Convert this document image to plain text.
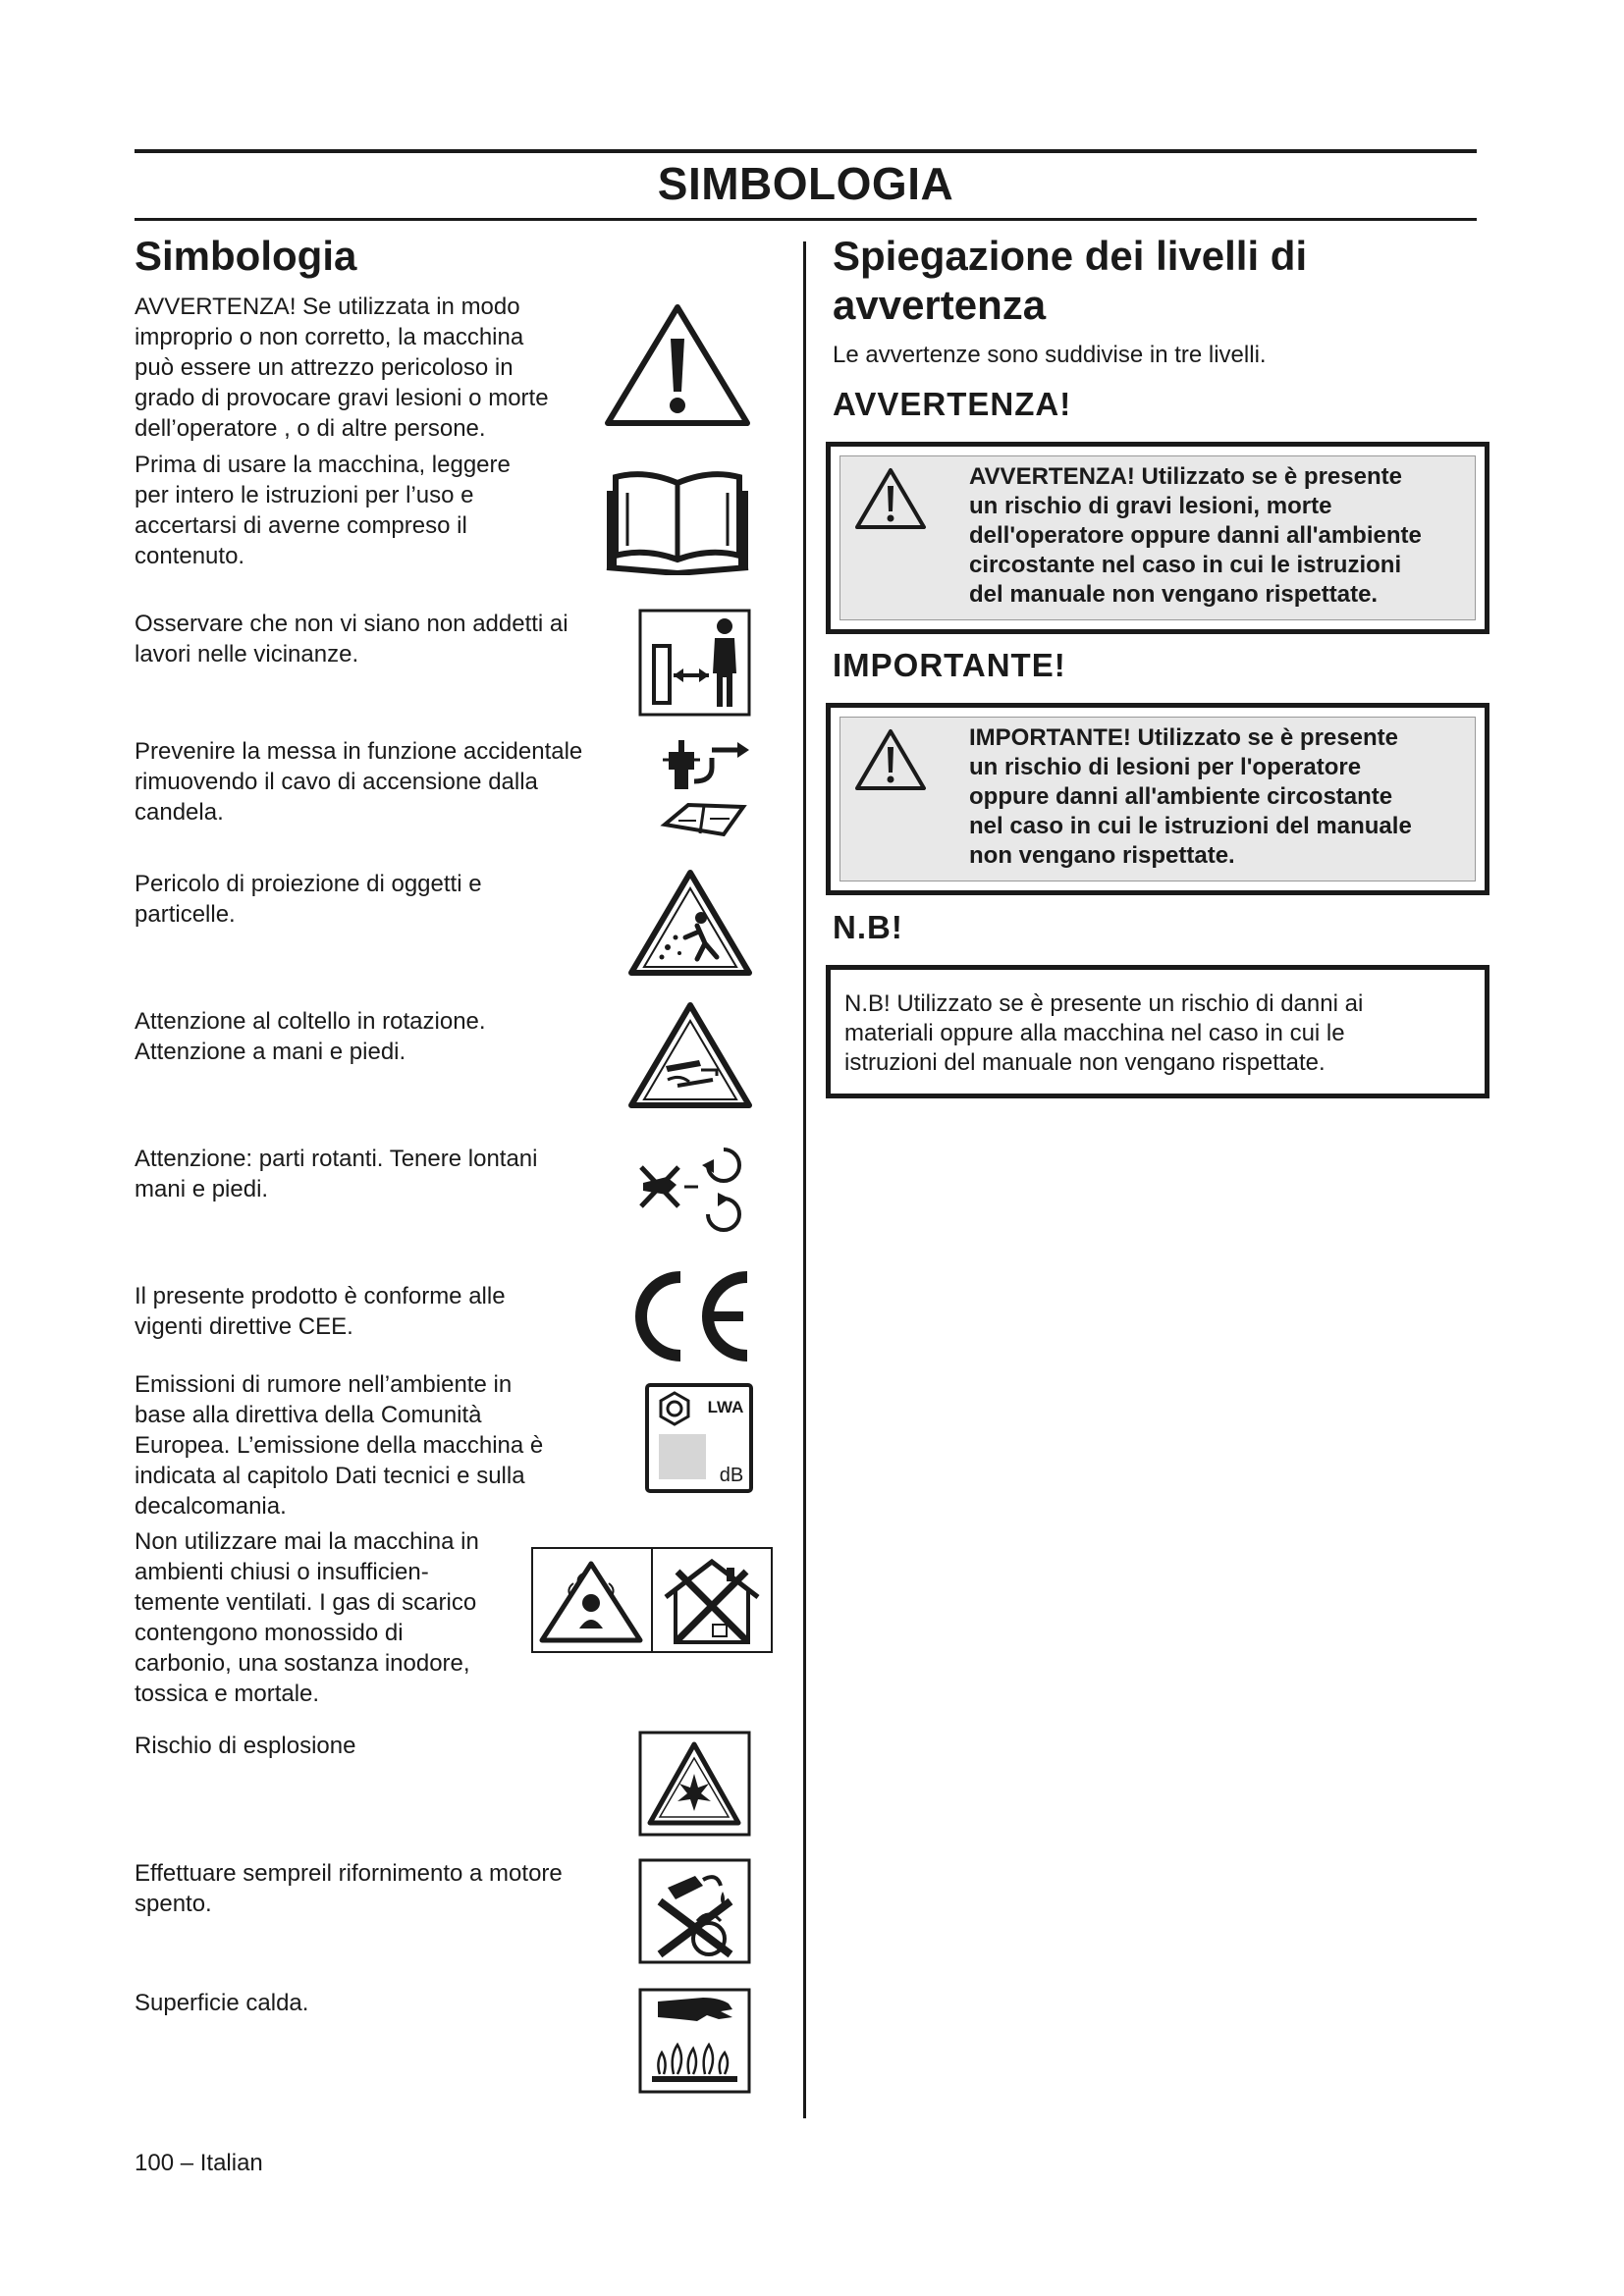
SIMBOLOGIA
Simbologia
AVVERTENZA! Se utilizzata in modo
improprio o non corretto, la macchina
può essere un attrezzo pericoloso in
grado di provocare gravi lesioni o morte
dell’operatore , o di altre persone.
Prima di usare la macchina, leggere
per intero le istruzioni per l’uso e
accertarsi di averne compreso il
contenuto.
Osservare che non vi siano non addetti ai
lavori nelle vicinanze.
Prevenire la messa in funzione accidentale
rimuovendo il cavo di accensione dalla
candela.
Pericolo di proiezione di oggetti e
particelle.
Attenzione al coltello in rotazione.
Attenzione a mani e piedi.
Attenzione: parti rotanti. Tenere lontani
mani e piedi.
Il presente prodotto è conforme alle
vigenti direttive CEE.
Emissioni di rumore nell’ambiente in
base alla direttiva della Comunità
Europea. L’emissione della macchina è
indicata al capitolo Dati tecnici e sulla
decalcomania.
LWA
dB
Non utilizzare mai la macchina in
ambienti chiusi o insufficien-
temente ventilati. I gas di scarico
contengono monossido di
carbonio, una sostanza inodore,
tossica e mortale.
Rischio di esplosione
Effettuare sempreil rifornimento a motore
spento.
Superficie calda.
Spiegazione dei livelli di
avvertenza
Le avvertenze sono suddivise in tre livelli.
AVVERTENZA!
AVVERTENZA! Utilizzato se è presente
un rischio di gravi lesioni, morte
dell'operatore oppure danni all'ambiente
circostante nel caso in cui le istruzioni
del manuale non vengano rispettate.
IMPORTANTE!
IMPORTANTE! Utilizzato se è presente
un rischio di lesioni per l'operatore
oppure danni all'ambiente circostante
nel caso in cui le istruzioni del manuale
non vengano rispettate.
N.B!
N.B! Utilizzato se è presente un rischio di danni ai
materiali oppure alla macchina nel caso in cui le
istruzioni del manuale non vengano rispettate.
100 – Italian
